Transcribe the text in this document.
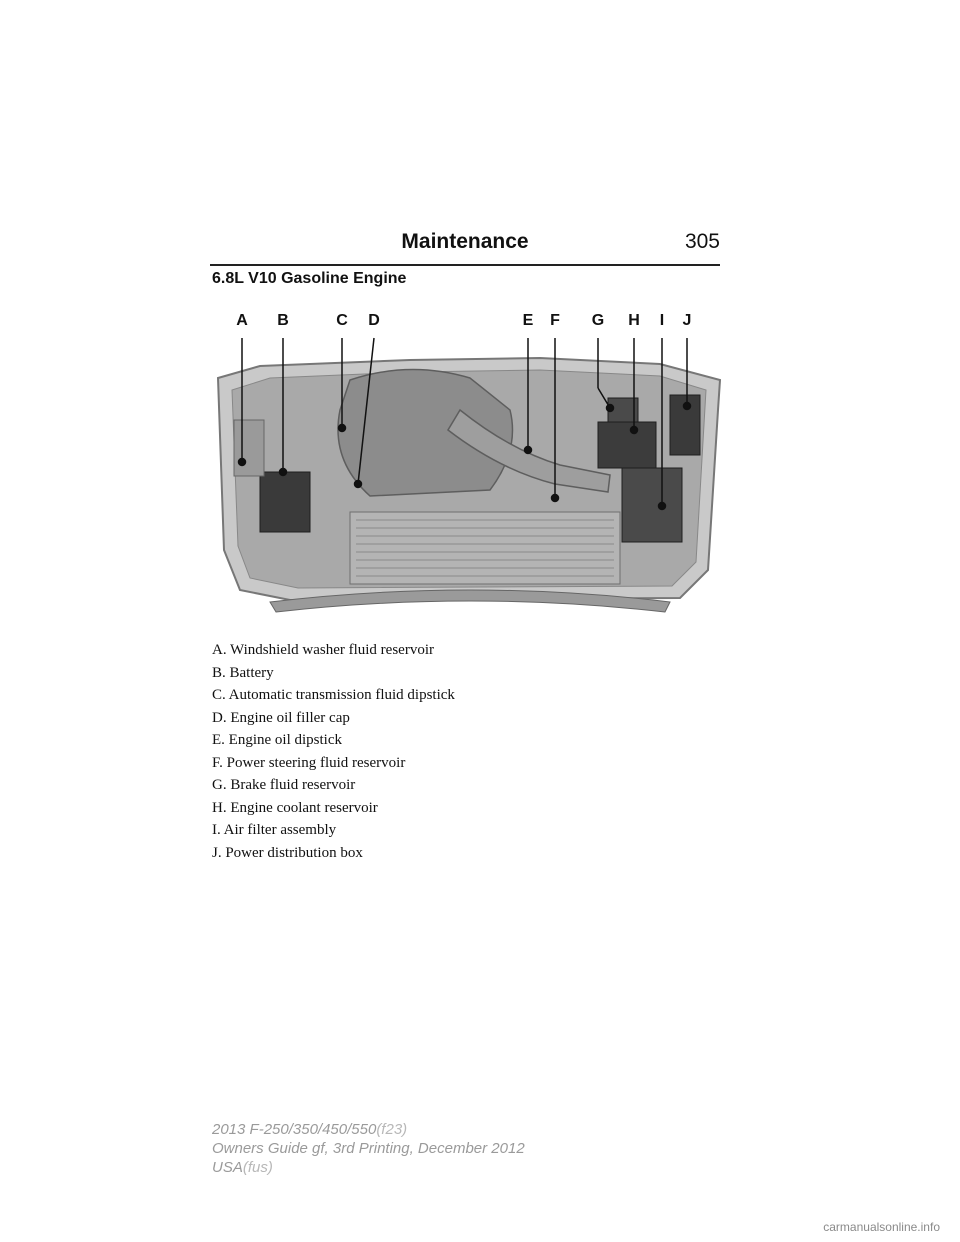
Maintenance	305
6.8L V10 Gasoline Engine
A B	C D	E	F	G H	I	J
A. Windshield washer fluid reservoir
B. Battery
C. Automatic transmission fluid dipstick
D. Engine oil filler cap
E. Engine oil dipstick
F. Power steering fluid reservoir
G. Brake fluid reservoir
H. Engine coolant reservoir
I. Air filter assembly
J. Power distribution box
2013 F-250/350/450/550(f23)
Owners Guide gf, 3rd Printing, December 2012
USA(fus)
carmanualsonline.info
